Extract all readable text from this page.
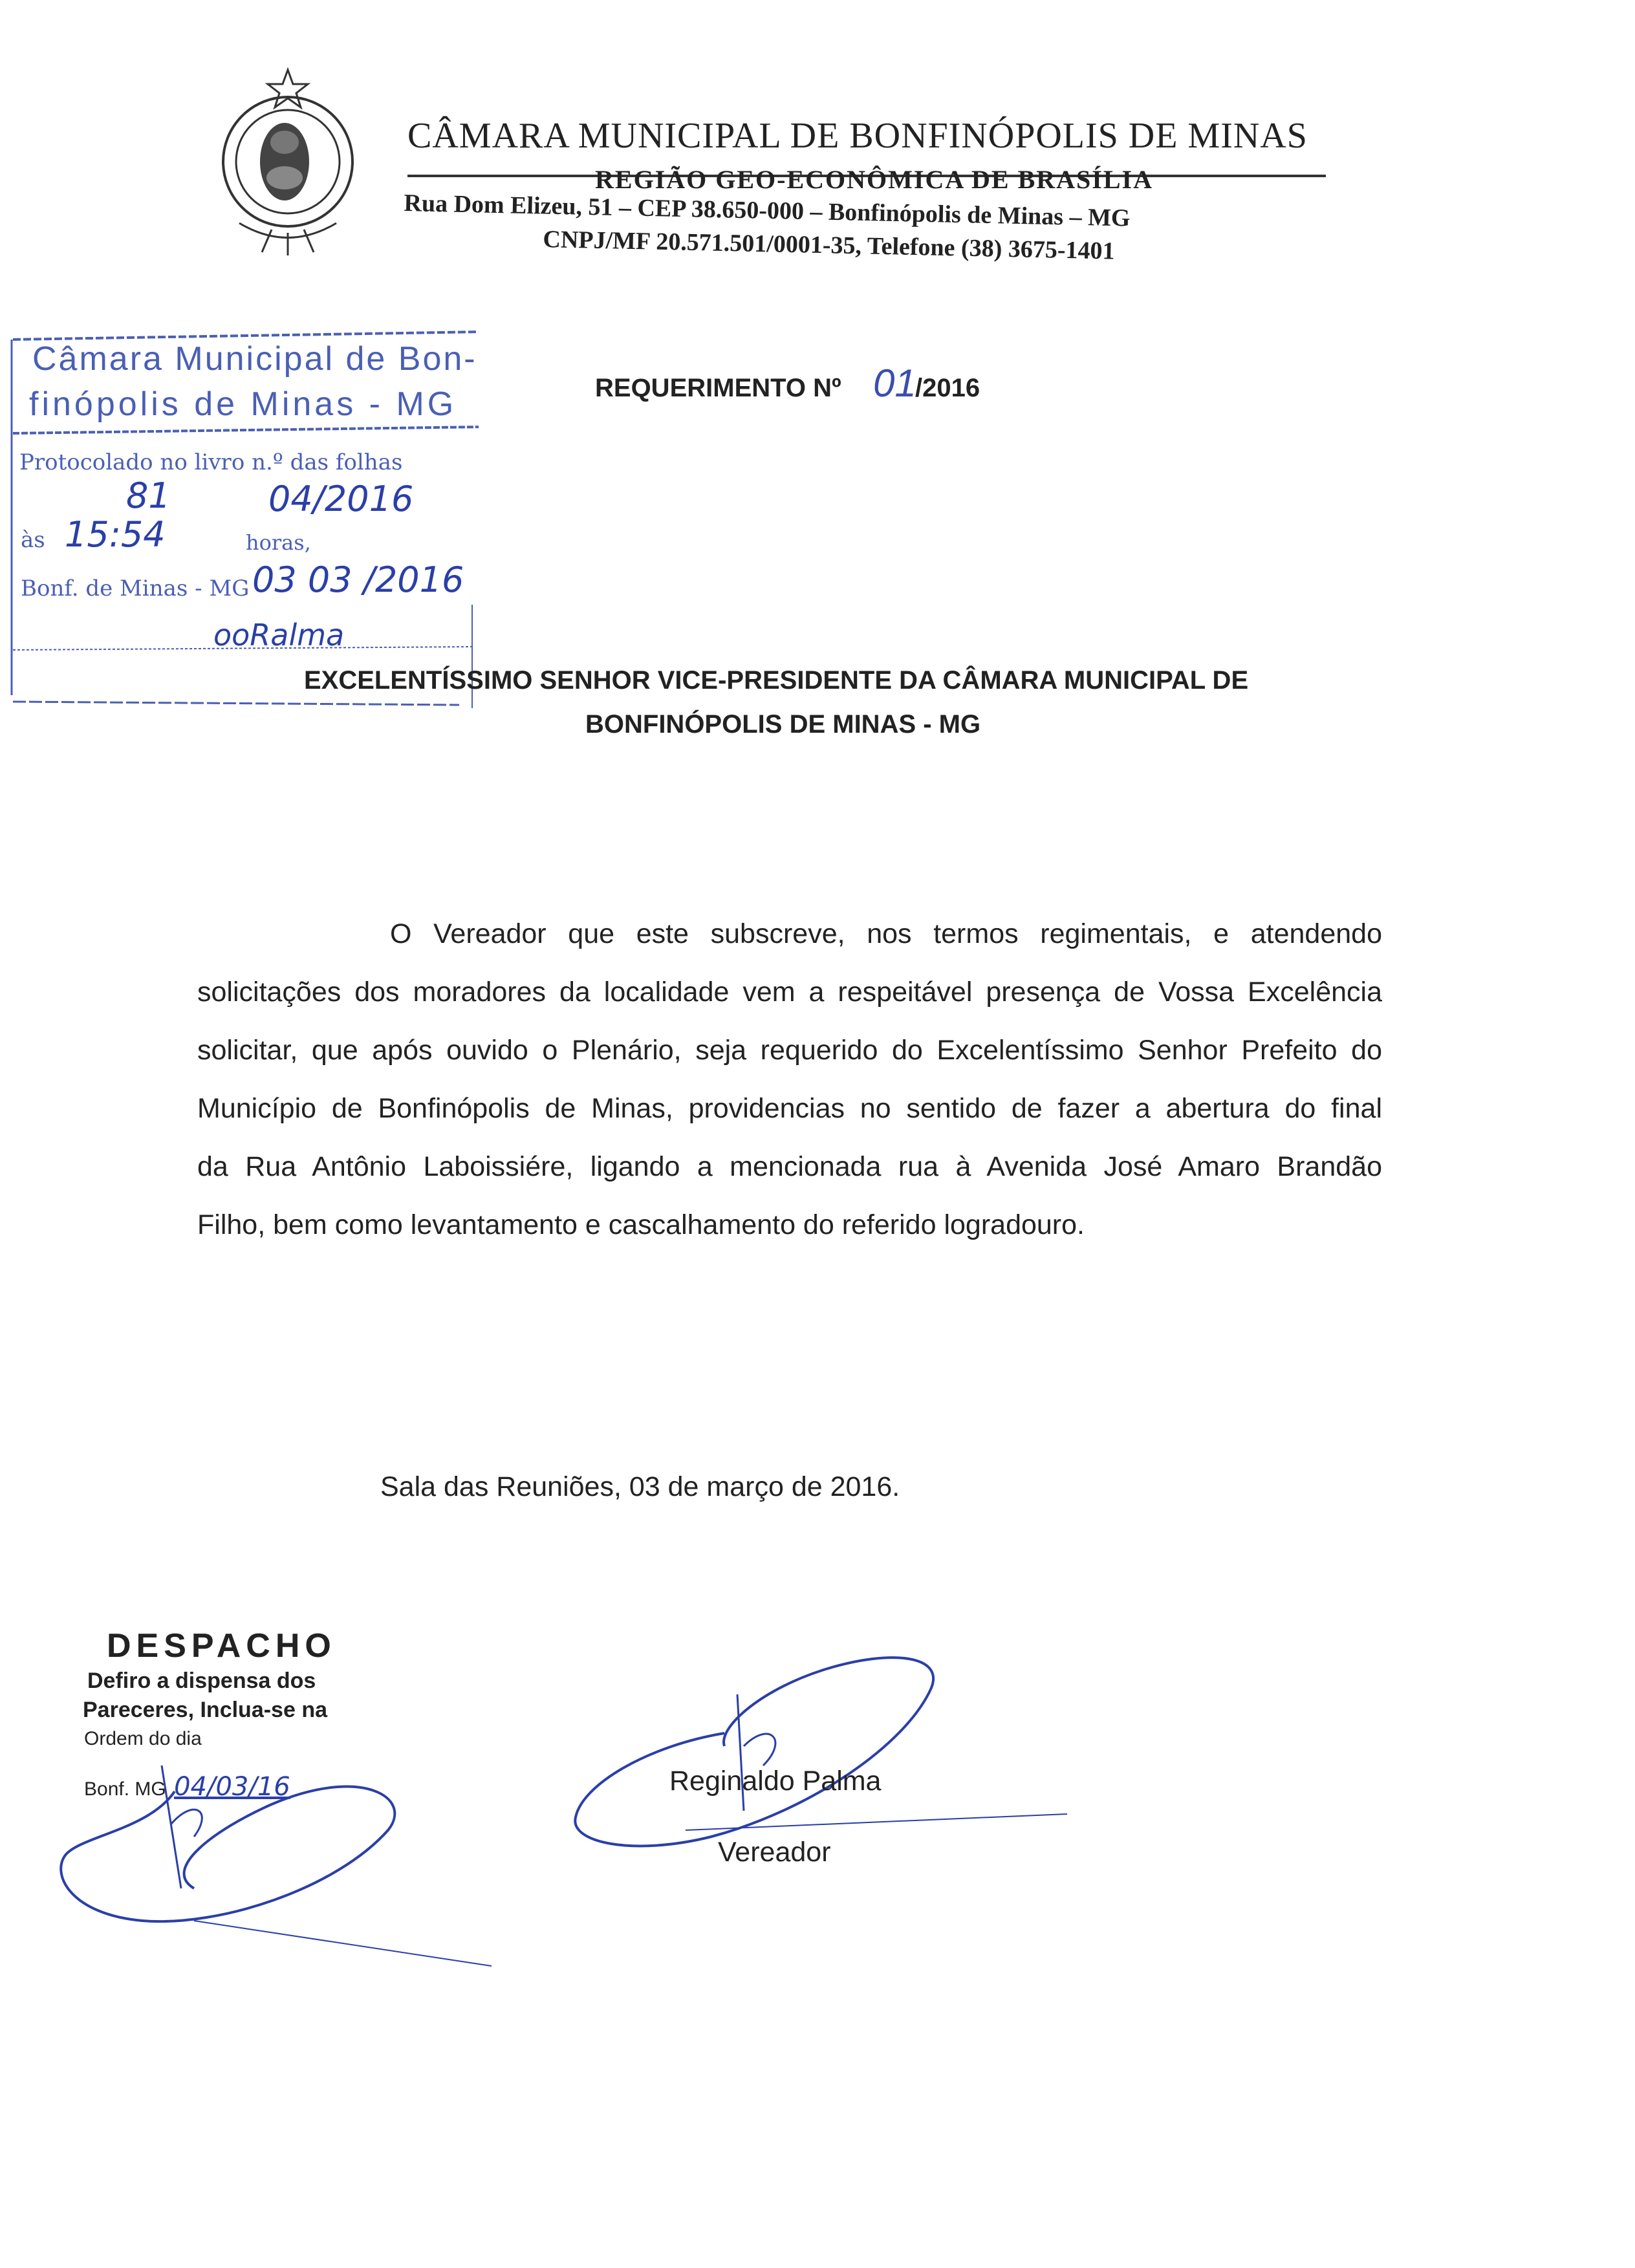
CÂMARA MUNICIPAL DE BONFINÓPOLIS DE MINAS
REGIÃO GEO-ECONÔMICA DE BRASÍLIA
Rua Dom Elizeu, 51 – CEP 38.650-000 – Bonfinópolis de Minas – MG
CNPJ/MF 20.571.501/0001-35, Telefone (38) 3675-1401
Câmara Municipal de Bon-
finópolis de Minas - MG
Protocolado no livro n.º das folhas
81	04/2016
às 15:54	horas,
Bonf. de Minas - MG 03 03 /2016
ooRalma
REQUERIMENTO Nº 01
/2016
EXCELENTÍSSIMO SENHOR VICE-PRESIDENTE DA CÂMARA MUNICIPAL DE
BONFINÓPOLIS DE MINAS - MG
O Vereador que este subscreve, nos termos regimentais, e atendendo
solicitações dos moradores da localidade vem a respeitável presença de Vossa Excelência
solicitar, que após ouvido o Plenário, seja requerido do Excelentíssimo Senhor Prefeito do
Município de Bonfinópolis de Minas, providencias no sentido de fazer a abertura do final
da Rua Antônio Laboissiére, ligando a mencionada rua à Avenida José Amaro Brandão
Filho, bem como levantamento e cascalhamento do referido logradouro.
Sala das Reuniões, 03 de março de 2016.
DESPACHO
Defiro a dispensa dos
Pareceres, Inclua-se na
Ordem do dia
Bonf. MG 04/03/16	Reginaldo Palma
Vereador
